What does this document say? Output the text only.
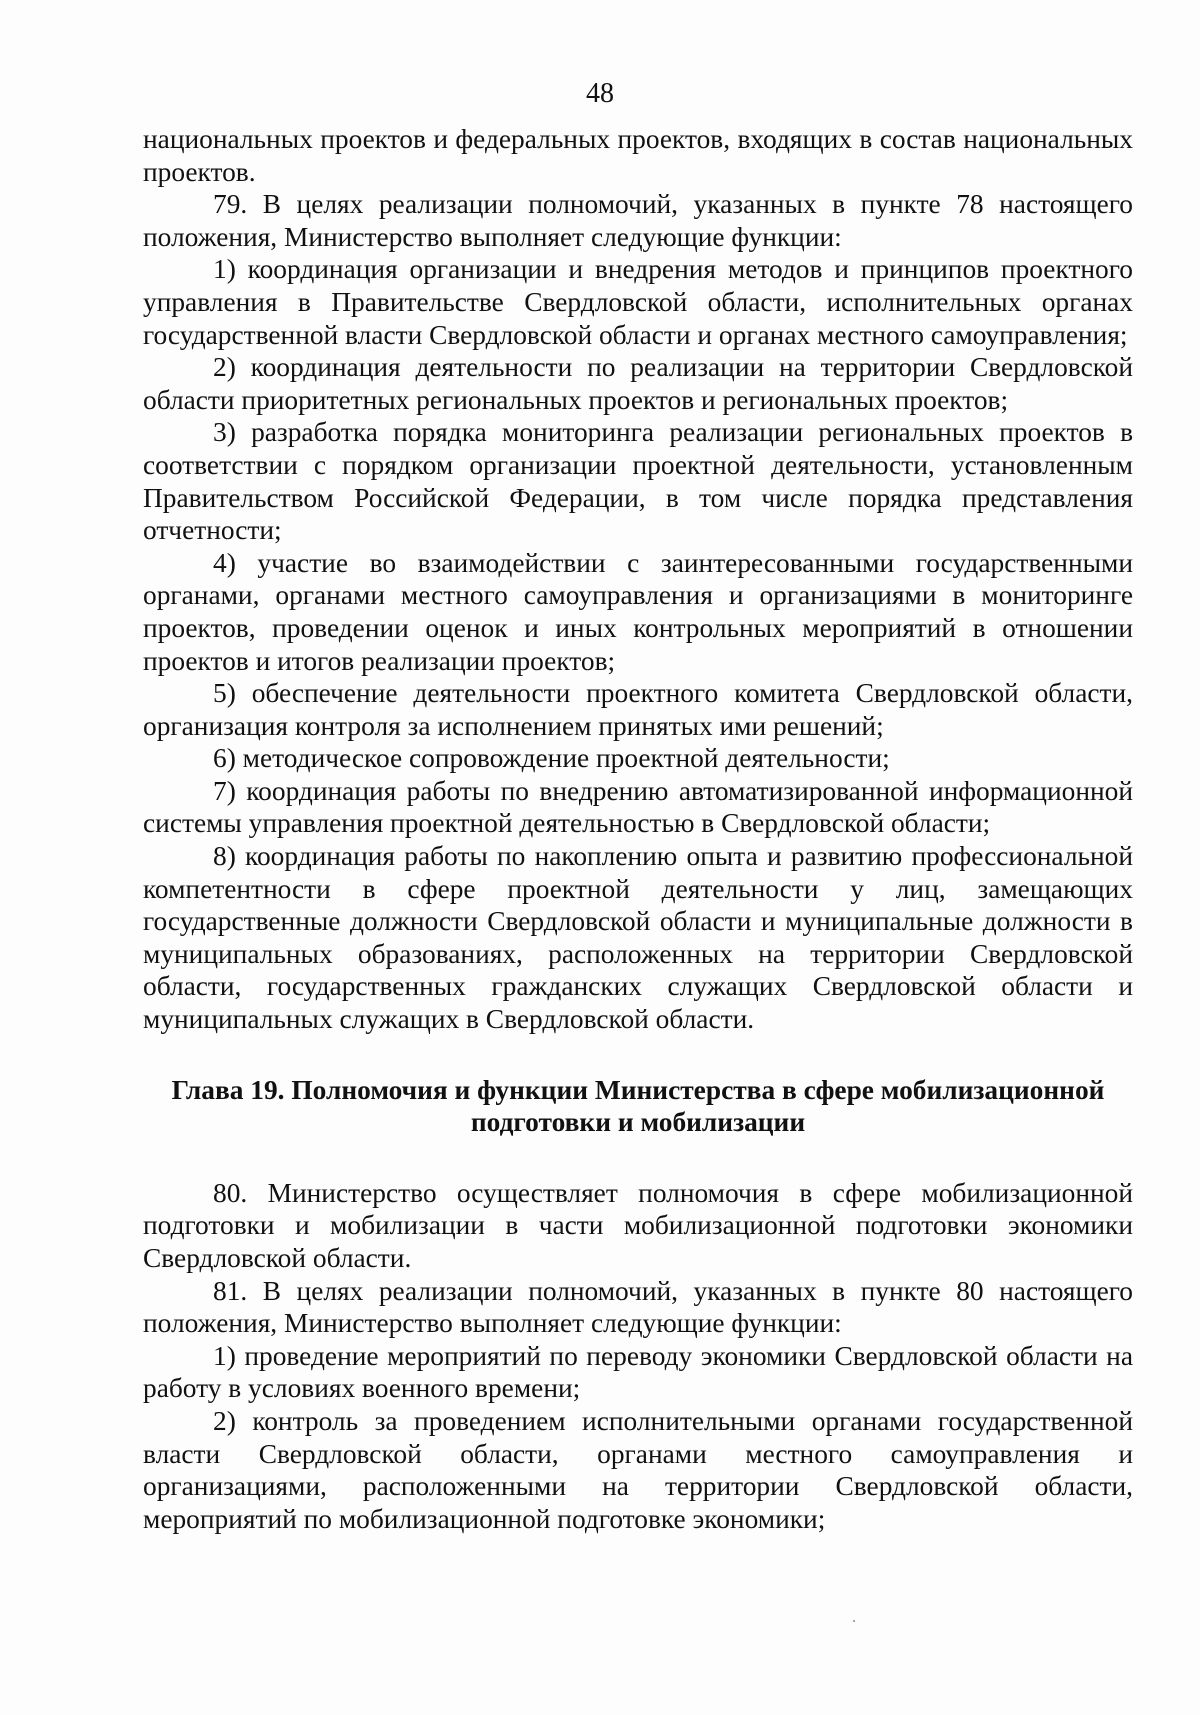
48

национальных проектов и федеральных проектов, входящих в состав национальных проектов.

79. В целях реализации полномочий, указанных в пункте 78 настоящего положения, Министерство выполняет следующие функции:

1) координация организации и внедрения методов и принципов проектного управления в Правительстве Свердловской области, исполнительных органах государственной власти Свердловской области и органах местного самоуправления;

2) координация деятельности по реализации на территории Свердловской области приоритетных региональных проектов и региональных проектов;

3) разработка порядка мониторинга реализации региональных проектов в соответствии с порядком организации проектной деятельности, установленным Правительством Российской Федерации, в том числе порядка представления отчетности;

4) участие во взаимодействии с заинтересованными государственными органами, органами местного самоуправления и организациями в мониторинге проектов, проведении оценок и иных контрольных мероприятий в отношении проектов и итогов реализации проектов;

5) обеспечение деятельности проектного комитета Свердловской области, организация контроля за исполнением принятых ими решений;

6) методическое сопровождение проектной деятельности;

7) координация работы по внедрению автоматизированной информационной системы управления проектной деятельностью в Свердловской области;

8) координация работы по накоплению опыта и развитию профессиональной компетентности в сфере проектной деятельности у лиц, замещающих государственные должности Свердловской области и муниципальные должности в муниципальных образованиях, расположенных на территории Свердловской области, государственных гражданских служащих Свердловской области и муниципальных служащих в Свердловской области.

Глава 19. Полномочия и функции Министерства в сфере мобилизационной подготовки и мобилизации

80. Министерство осуществляет полномочия в сфере мобилизационной подготовки и мобилизации в части мобилизационной подготовки экономики Свердловской области.

81. В целях реализации полномочий, указанных в пункте 80 настоящего положения, Министерство выполняет следующие функции:

1) проведение мероприятий по переводу экономики Свердловской области на работу в условиях военного времени;

2) контроль за проведением исполнительными органами государственной власти Свердловской области, органами местного самоуправления и организациями, расположенными на территории Свердловской области, мероприятий по мобилизационной подготовке экономики;
